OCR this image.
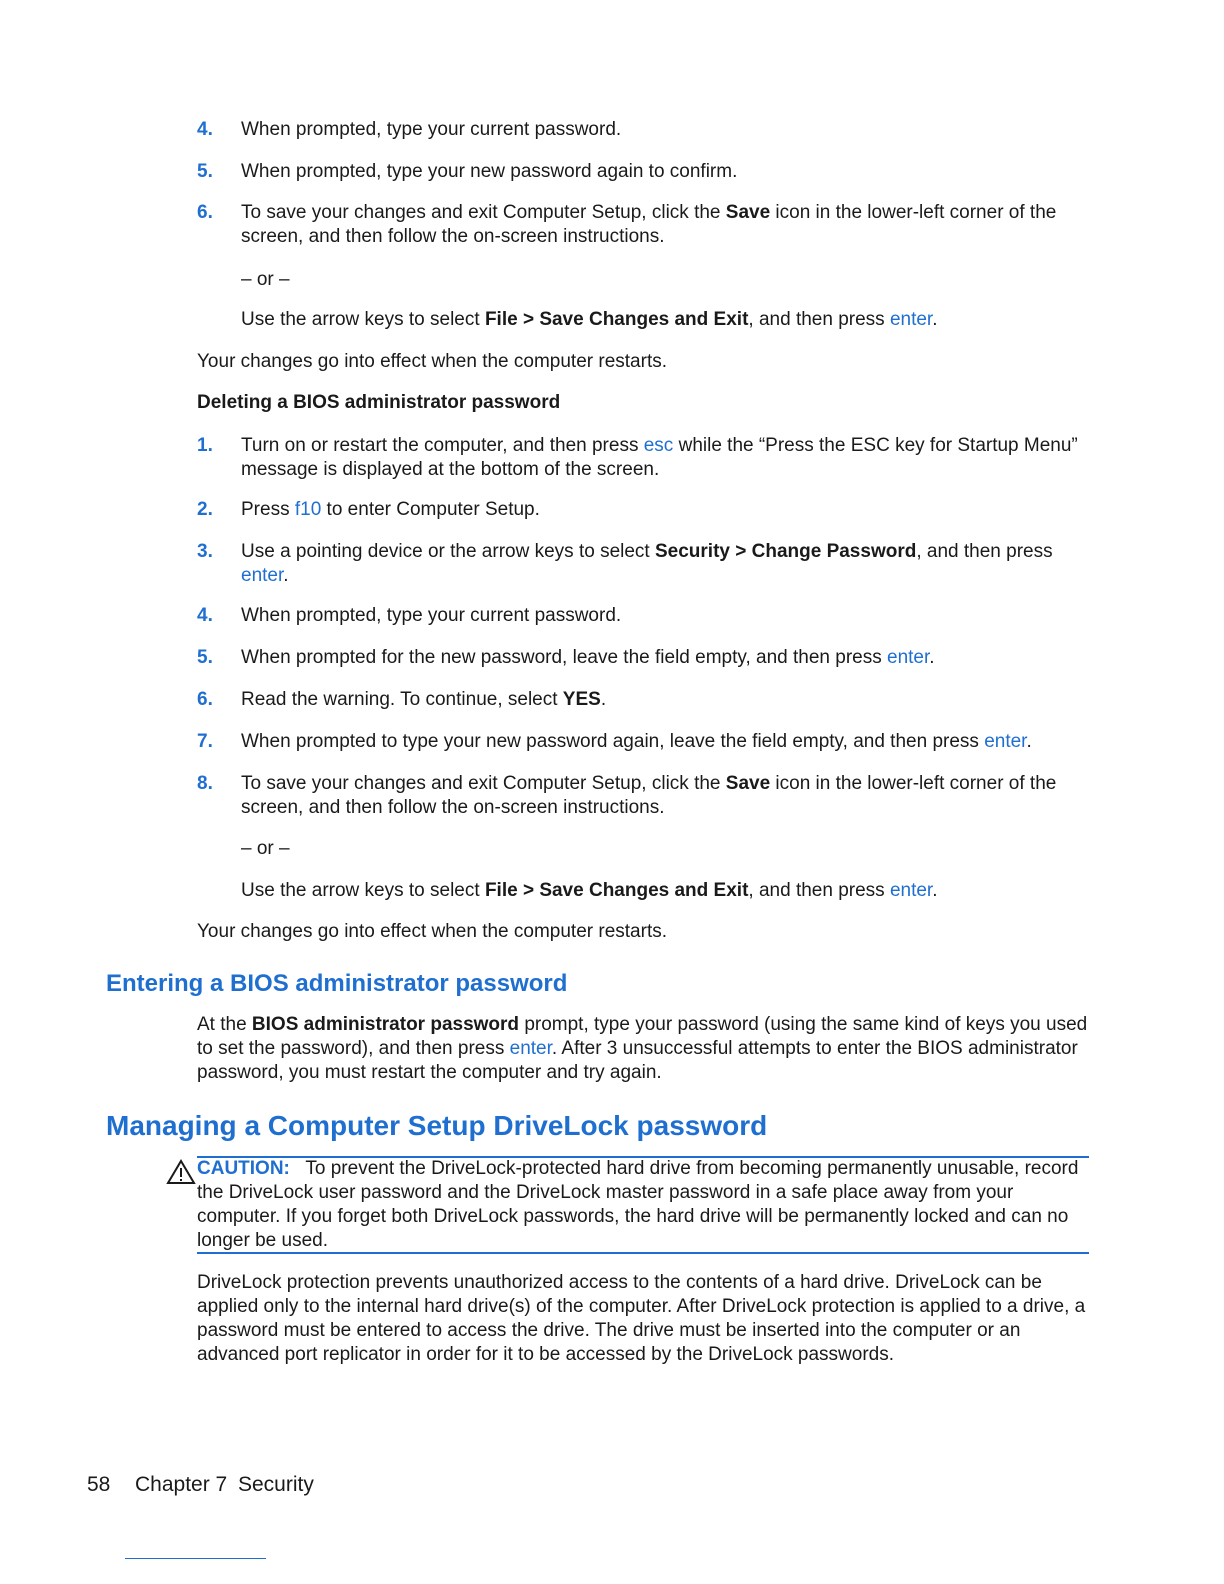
4. When prompted, type your current password.
5. When prompted, type your new password again to confirm.
6. To save your changes and exit Computer Setup, click the Save icon in the lower-left corner of the screen, and then follow the on-screen instructions.
– or –
Use the arrow keys to select File > Save Changes and Exit, and then press enter.
Your changes go into effect when the computer restarts.
Deleting a BIOS administrator password
1. Turn on or restart the computer, and then press esc while the “Press the ESC key for Startup Menu” message is displayed at the bottom of the screen.
2. Press f10 to enter Computer Setup.
3. Use a pointing device or the arrow keys to select Security > Change Password, and then press enter.
4. When prompted, type your current password.
5. When prompted for the new password, leave the field empty, and then press enter.
6. Read the warning. To continue, select YES.
7. When prompted to type your new password again, leave the field empty, and then press enter.
8. To save your changes and exit Computer Setup, click the Save icon in the lower-left corner of the screen, and then follow the on-screen instructions.
– or –
Use the arrow keys to select File > Save Changes and Exit, and then press enter.
Your changes go into effect when the computer restarts.
Entering a BIOS administrator password
At the BIOS administrator password prompt, type your password (using the same kind of keys you used to set the password), and then press enter. After 3 unsuccessful attempts to enter the BIOS administrator password, you must restart the computer and try again.
Managing a Computer Setup DriveLock password
CAUTION: To prevent the DriveLock-protected hard drive from becoming permanently unusable, record the DriveLock user password and the DriveLock master password in a safe place away from your computer. If you forget both DriveLock passwords, the hard drive will be permanently locked and can no longer be used.
DriveLock protection prevents unauthorized access to the contents of a hard drive. DriveLock can be applied only to the internal hard drive(s) of the computer. After DriveLock protection is applied to a drive, a password must be entered to access the drive. The drive must be inserted into the computer or an advanced port replicator in order for it to be accessed by the DriveLock passwords.
58 Chapter 7 Security
